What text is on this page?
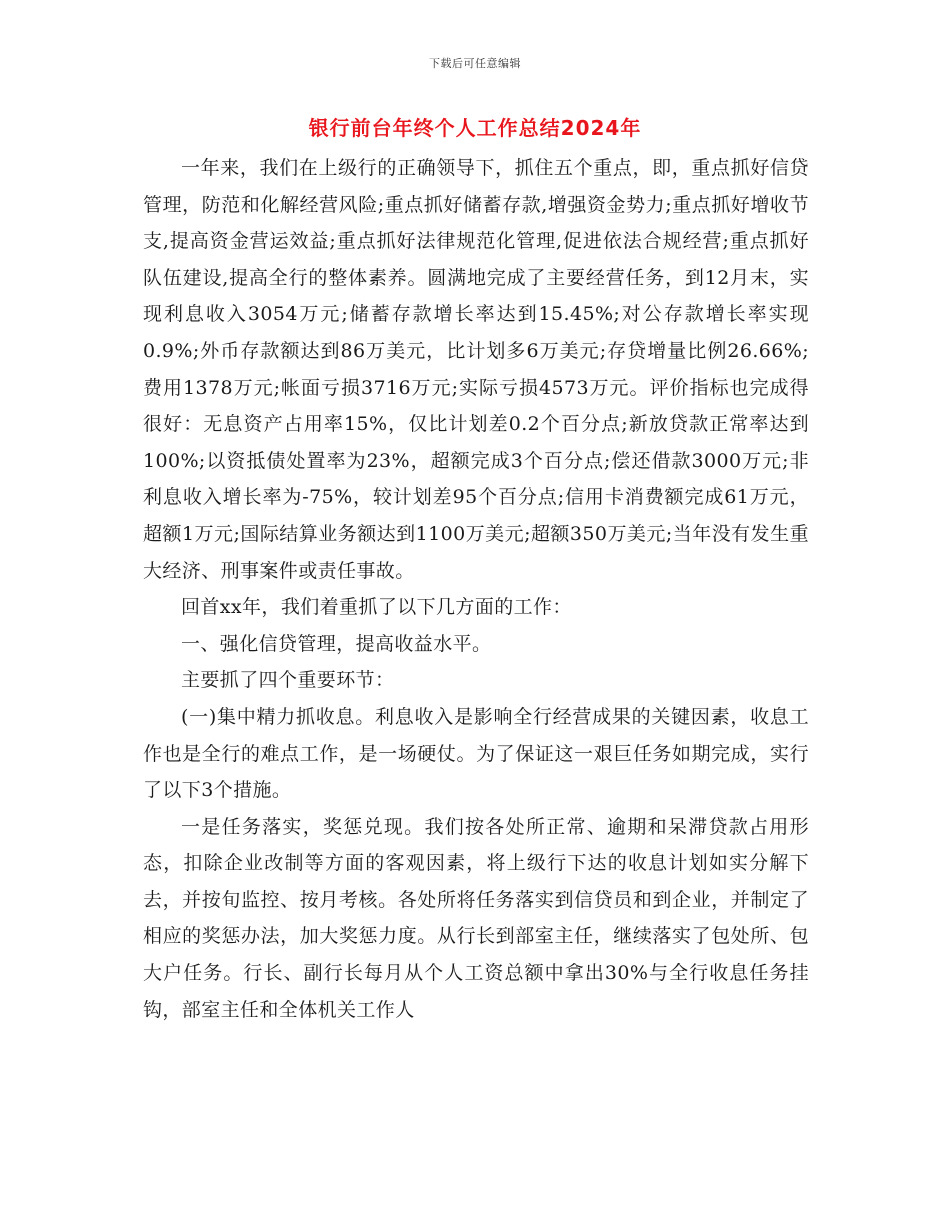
下载后可任意编辑
银行前台年终个人工作总结2024年

一年来，我们在上级行的正确领导下，抓住五个重点，即，重点抓好信贷管理，防范和化解经营风险;重点抓好储蓄存款,增强资金势力;重点抓好增收节支,提高资金营运效益;重点抓好法律规范化管理,促进依法合规经营;重点抓好队伍建设,提高全行的整体素养。圆满地完成了主要经营任务，到12月末，实现利息收入3054万元;储蓄存款增长率达到15.45%;对公存款增长率实现0.9%;外币存款额达到86万美元，比计划多6万美元;存贷增量比例26.66%;费用1378万元;帐面亏损3716万元;实际亏损4573万元。评价指标也完成得很好：无息资产占用率15%，仅比计划差0.2个百分点;新放贷款正常率达到100%;以资抵债处置率为23%，超额完成3个百分点;偿还借款3000万元;非利息收入增长率为-75%，较计划差95个百分点;信用卡消费额完成61万元，超额1万元;国际结算业务额达到1100万美元;超额350万美元;当年没有发生重大经济、刑事案件或责任事故。

回首xx年，我们着重抓了以下几方面的工作：

一、强化信贷管理，提高收益水平。

主要抓了四个重要环节：

(一)集中精力抓收息。利息收入是影响全行经营成果的关键因素，收息工作也是全行的难点工作，是一场硬仗。为了保证这一艰巨任务如期完成，实行了以下3个措施。

一是任务落实，奖惩兑现。我们按各处所正常、逾期和呆滞贷款占用形态，扣除企业改制等方面的客观因素，将上级行下达的收息计划如实分解下去，并按旬监控、按月考核。各处所将任务落实到信贷员和到企业，并制定了相应的奖惩办法，加大奖惩力度。从行长到部室主任，继续落实了包处所、包大户任务。行长、副行长每月从个人工资总额中拿出30%与全行收息任务挂钩，部室主任和全体机关工作人
